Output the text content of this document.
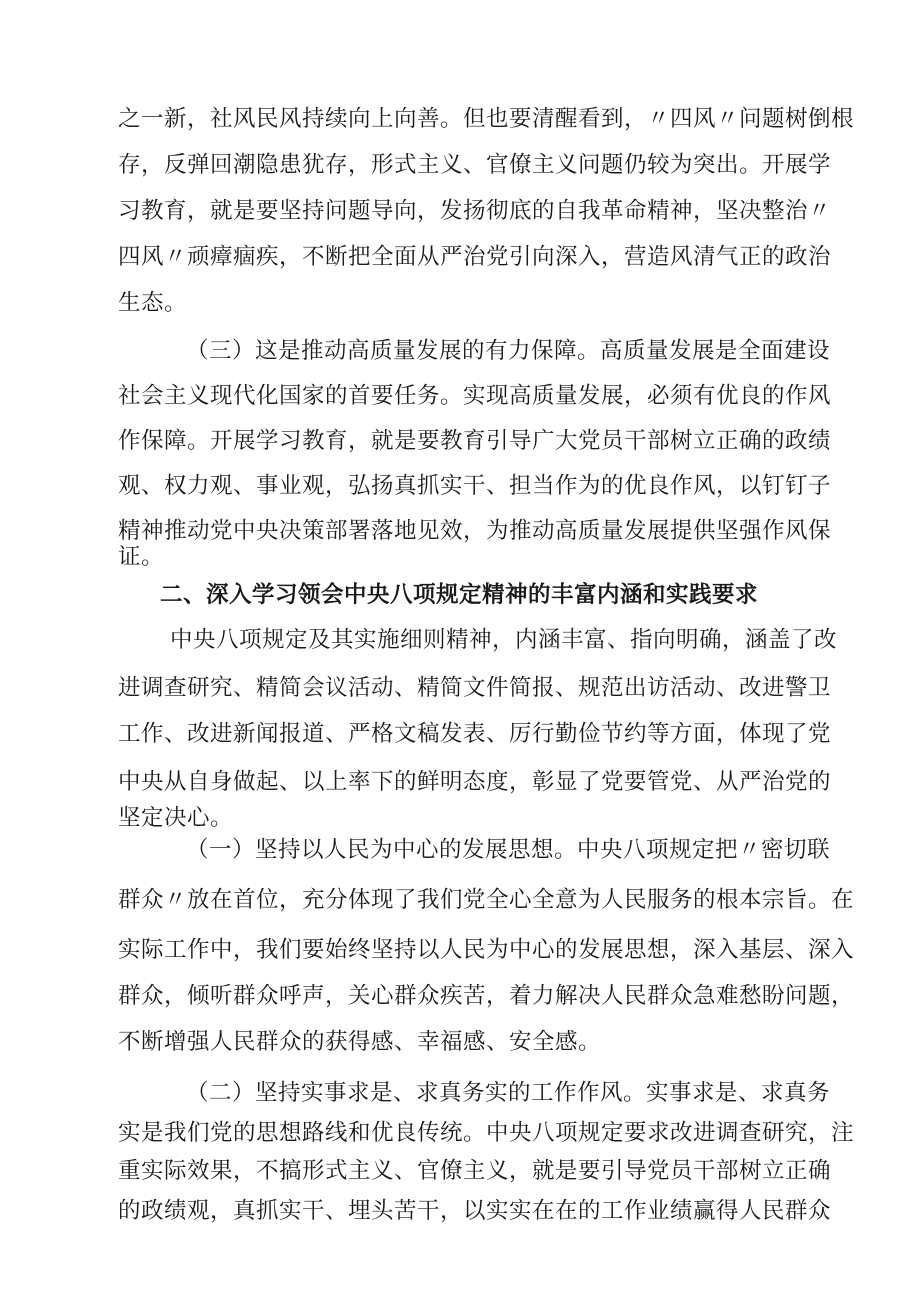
之一新，社风民风持续向上向善。但也要清醒看到，〃四风〃问题树倒根
存，反弹回潮隐患犹存，形式主义、官僚主义问题仍较为突出。开展学
习教育，就是要坚持问题导向，发扬彻底的自我革命精神，坚决整治〃
四风〃顽瘴痼疾，不断把全面从严治党引向深入，营造风清气正的政治
生态。
（三）这是推动高质量发展的有力保障。高质量发展是全面建设
社会主义现代化国家的首要任务。实现高质量发展，必须有优良的作风
作保障。开展学习教育，就是要教育引导广大党员干部树立正确的政绩
观、权力观、事业观，弘扬真抓实干、担当作为的优良作风，以钉钉子
精神推动党中央决策部署落地见效，为推动高质量发展提供坚强作风保
证。
二、深入学习领会中央八项规定精神的丰富内涵和实践要求
中央八项规定及其实施细则精神，内涵丰富、指向明确，涵盖了改
进调查研究、精简会议活动、精简文件简报、规范出访活动、改进警卫
工作、改进新闻报道、严格文稿发表、厉行勤俭节约等方面，体现了党
中央从自身做起、以上率下的鲜明态度，彰显了党要管党、从严治党的
坚定决心。
（一）坚持以人民为中心的发展思想。中央八项规定把〃密切联
群众〃放在首位，充分体现了我们党全心全意为人民服务的根本宗旨。在
实际工作中，我们要始终坚持以人民为中心的发展思想，深入基层、深入
群众，倾听群众呼声，关心群众疾苦，着力解决人民群众急难愁盼问题，
不断增强人民群众的获得感、幸福感、安全感。
（二）坚持实事求是、求真务实的工作作风。实事求是、求真务
实是我们党的思想路线和优良传统。中央八项规定要求改进调查研究，注
重实际效果，不搞形式主义、官僚主义，就是要引导党员干部树立正确
的政绩观，真抓实干、埋头苦干，以实实在在的工作业绩赢得人民群众
